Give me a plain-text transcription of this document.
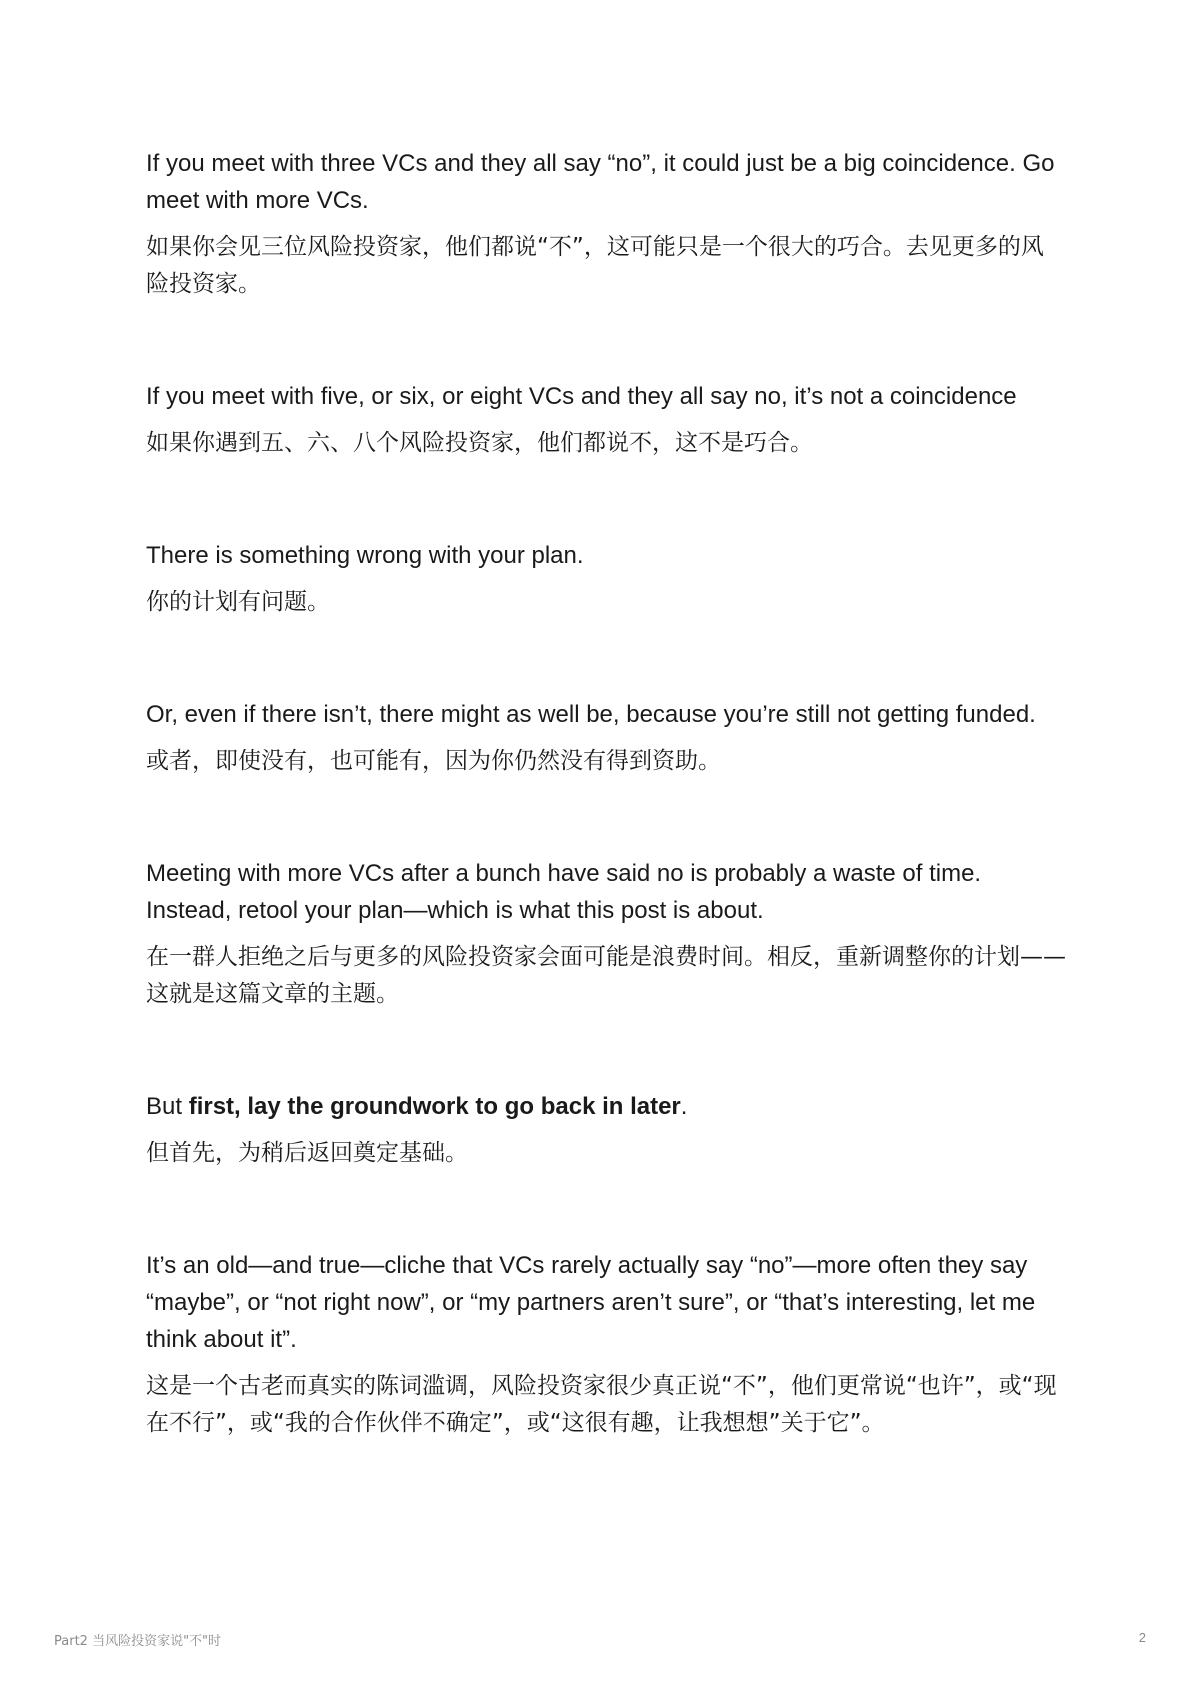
If you meet with three VCs and they all say “no”, it could just be a big coincidence. Go meet with more VCs.

如果你会见三位风险投资家，他们都说“不”，这可能只是一个很大的巧合。去见更多的风险投资家。

If you meet with five, or six, or eight VCs and they all say no, it’s not a coincidence

如果你遇到五、六、八个风险投资家，他们都说不，这不是巧合。

There is something wrong with your plan.

你的计划有问题。

Or, even if there isn’t, there might as well be, because you’re still not getting funded.

或者，即使没有，也可能有，因为你仍然没有得到资助。

Meeting with more VCs after a bunch have said no is probably a waste of time. Instead, retool your plan—which is what this post is about.

在一群人拒绝之后与更多的风险投资家会面可能是浪费时间。相反，重新调整你的计划——这就是这篇文章的主题。

But first, lay the groundwork to go back in later.

但首先，为稍后返回奠定基础。

It’s an old—and true—cliche that VCs rarely actually say “no”—more often they say “maybe”, or “not right now”, or “my partners aren’t sure”, or “that’s interesting, let me think about it”.

这是一个古老而真实的陈词滥调，风险投资家很少真正说“不”，他们更常说“也许”，或“现在不行”，或“我的合作伙伴不确定”，或“这很有趣，让我想想”关于它”。

Part2 当风险投资家说"不"时	2
